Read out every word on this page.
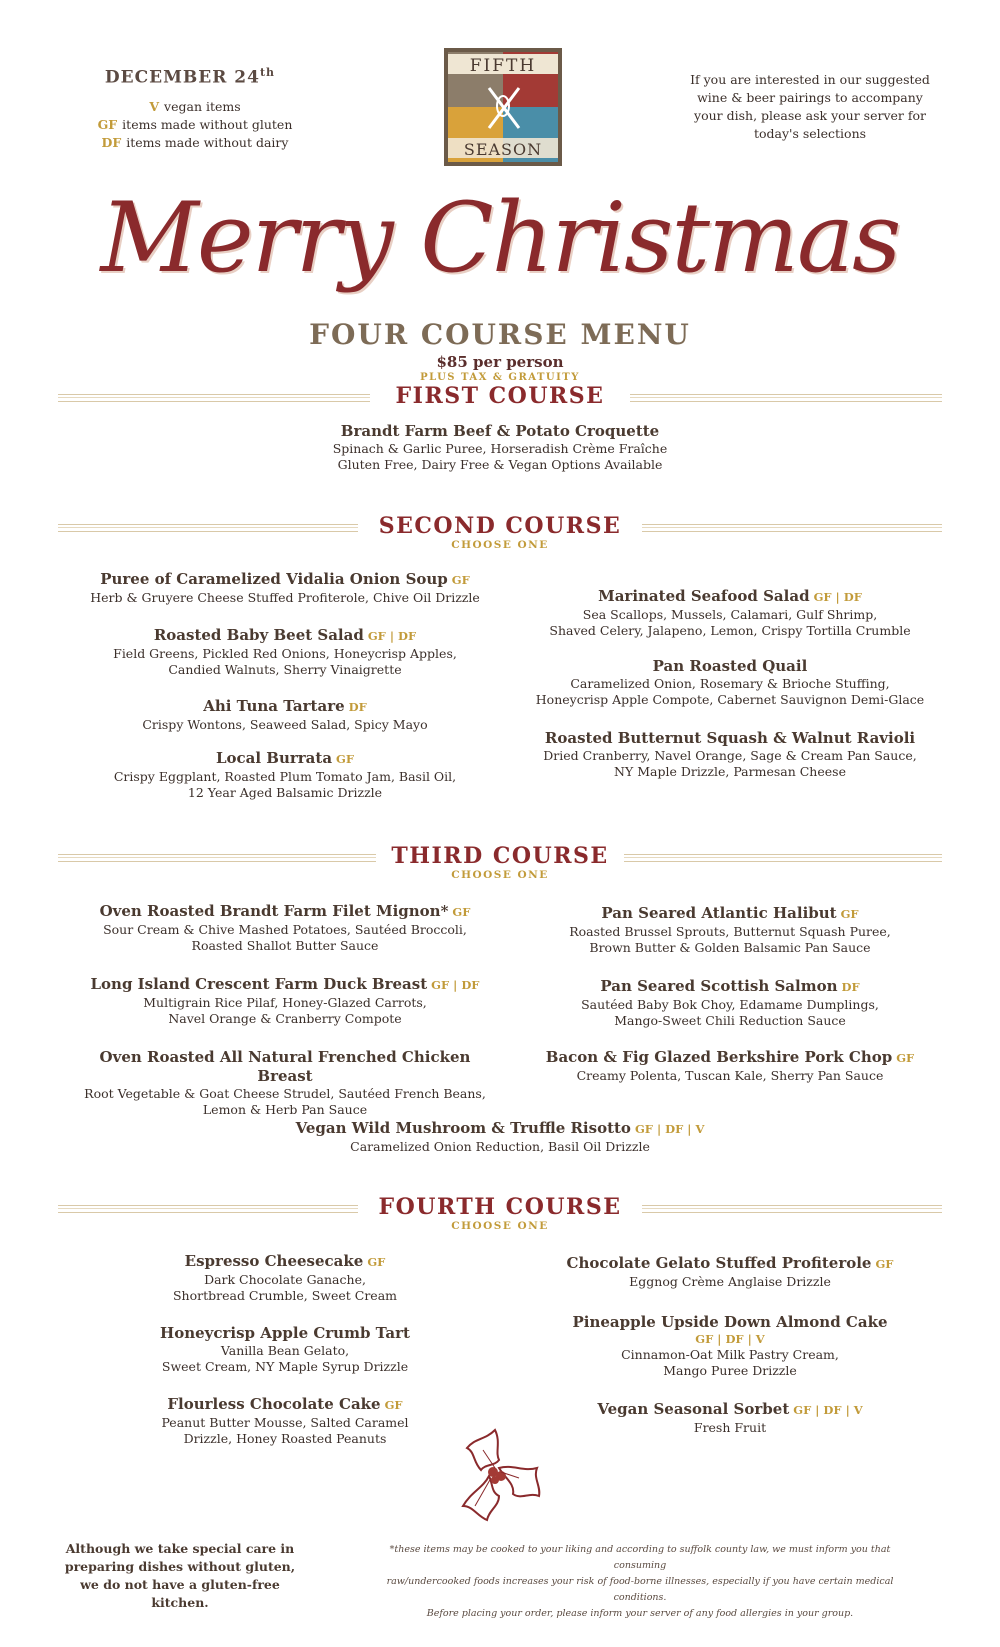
DECEMBER 24th
V vegan items
GF items made without gluten
DF items made without dairy
FIFTH
SEASON
If you are interested in our suggested wine & beer pairings to accompany your dish, please ask your server for today's selections
Merry Christmas
FOUR COURSE MENU
$85 per person
PLUS TAX & GRATUITY
FIRST COURSE
Brandt Farm Beef & Potato Croquette
Spinach & Garlic Puree, Horseradish Crème Fraîche
Gluten Free, Dairy Free & Vegan Options Available
SECOND COURSE
CHOOSE ONE
Puree of Caramelized Vidalia Onion Soup GF
Herb & Gruyere Cheese Stuffed Profiterole, Chive Oil Drizzle
Roasted Baby Beet Salad GF | DF
Field Greens, Pickled Red Onions, Honeycrisp Apples,
Candied Walnuts, Sherry Vinaigrette
Ahi Tuna Tartare DF
Crispy Wontons, Seaweed Salad, Spicy Mayo
Local Burrata GF
Crispy Eggplant, Roasted Plum Tomato Jam, Basil Oil,
12 Year Aged Balsamic Drizzle
Marinated Seafood Salad GF | DF
Sea Scallops, Mussels, Calamari, Gulf Shrimp,
Shaved Celery, Jalapeno, Lemon, Crispy Tortilla Crumble
Pan Roasted Quail
Caramelized Onion, Rosemary & Brioche Stuffing,
Honeycrisp Apple Compote, Cabernet Sauvignon Demi-Glace
Roasted Butternut Squash & Walnut Ravioli
Dried Cranberry, Navel Orange, Sage & Cream Pan Sauce,
NY Maple Drizzle, Parmesan Cheese
THIRD COURSE
CHOOSE ONE
Oven Roasted Brandt Farm Filet Mignon* GF
Sour Cream & Chive Mashed Potatoes, Sautéed Broccoli,
Roasted Shallot Butter Sauce
Long Island Crescent Farm Duck Breast GF | DF
Multigrain Rice Pilaf, Honey-Glazed Carrots,
Navel Orange & Cranberry Compote
Oven Roasted All Natural Frenched Chicken Breast
Root Vegetable & Goat Cheese Strudel, Sautéed French Beans,
Lemon & Herb Pan Sauce
Pan Seared Atlantic Halibut GF
Roasted Brussel Sprouts, Butternut Squash Puree,
Brown Butter & Golden Balsamic Pan Sauce
Pan Seared Scottish Salmon DF
Sautéed Baby Bok Choy, Edamame Dumplings,
Mango-Sweet Chili Reduction Sauce
Bacon & Fig Glazed Berkshire Pork Chop GF
Creamy Polenta, Tuscan Kale, Sherry Pan Sauce
Vegan Wild Mushroom & Truffle Risotto GF | DF | V
Caramelized Onion Reduction, Basil Oil Drizzle
FOURTH COURSE
CHOOSE ONE
Espresso Cheesecake GF
Dark Chocolate Ganache,
Shortbread Crumble, Sweet Cream
Honeycrisp Apple Crumb Tart
Vanilla Bean Gelato,
Sweet Cream, NY Maple Syrup Drizzle
Flourless Chocolate Cake GF
Peanut Butter Mousse, Salted Caramel
Drizzle, Honey Roasted Peanuts
Chocolate Gelato Stuffed Profiterole GF
Eggnog Crème Anglaise Drizzle
Pineapple Upside Down Almond Cake
GF | DF | V
Cinnamon-Oat Milk Pastry Cream,
Mango Puree Drizzle
Vegan Seasonal Sorbet GF | DF | V
Fresh Fruit
Although we take special care in preparing dishes without gluten, we do not have a gluten-free kitchen.
*these items may be cooked to your liking and according to suffolk county law, we must inform you that consuming
raw/undercooked foods increases your risk of food-borne illnesses, especially if you have certain medical conditions.
Before placing your order, please inform your server of any food allergies in your group.
